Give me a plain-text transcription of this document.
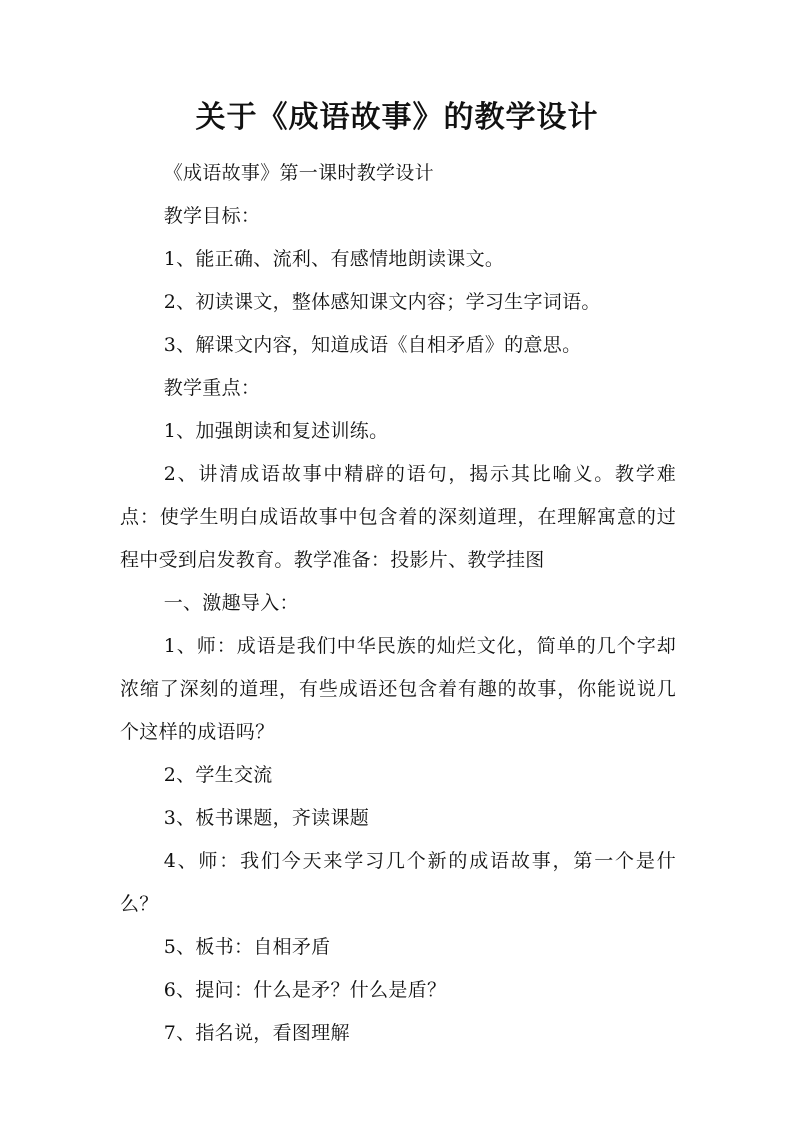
关于《成语故事》的教学设计

《成语故事》第一课时教学设计

教学目标：

1、能正确、流利、有感情地朗读课文。

2、初读课文，整体感知课文内容；学习生字词语。

3、解课文内容，知道成语《自相矛盾》的意思。

教学重点：

1、加强朗读和复述训练。

2、讲清成语故事中精辟的语句，揭示其比喻义。教学难点：使学生明白成语故事中包含着的深刻道理，在理解寓意的过程中受到启发教育。教学准备：投影片、教学挂图

一、激趣导入：

1、师：成语是我们中华民族的灿烂文化，简单的几个字却浓缩了深刻的道理，有些成语还包含着有趣的故事，你能说说几个这样的成语吗？

2、学生交流

3、板书课题，齐读课题

4、师：我们今天来学习几个新的成语故事，第一个是什么？

5、板书：自相矛盾

6、提问：什么是矛？什么是盾？

7、指名说，看图理解
